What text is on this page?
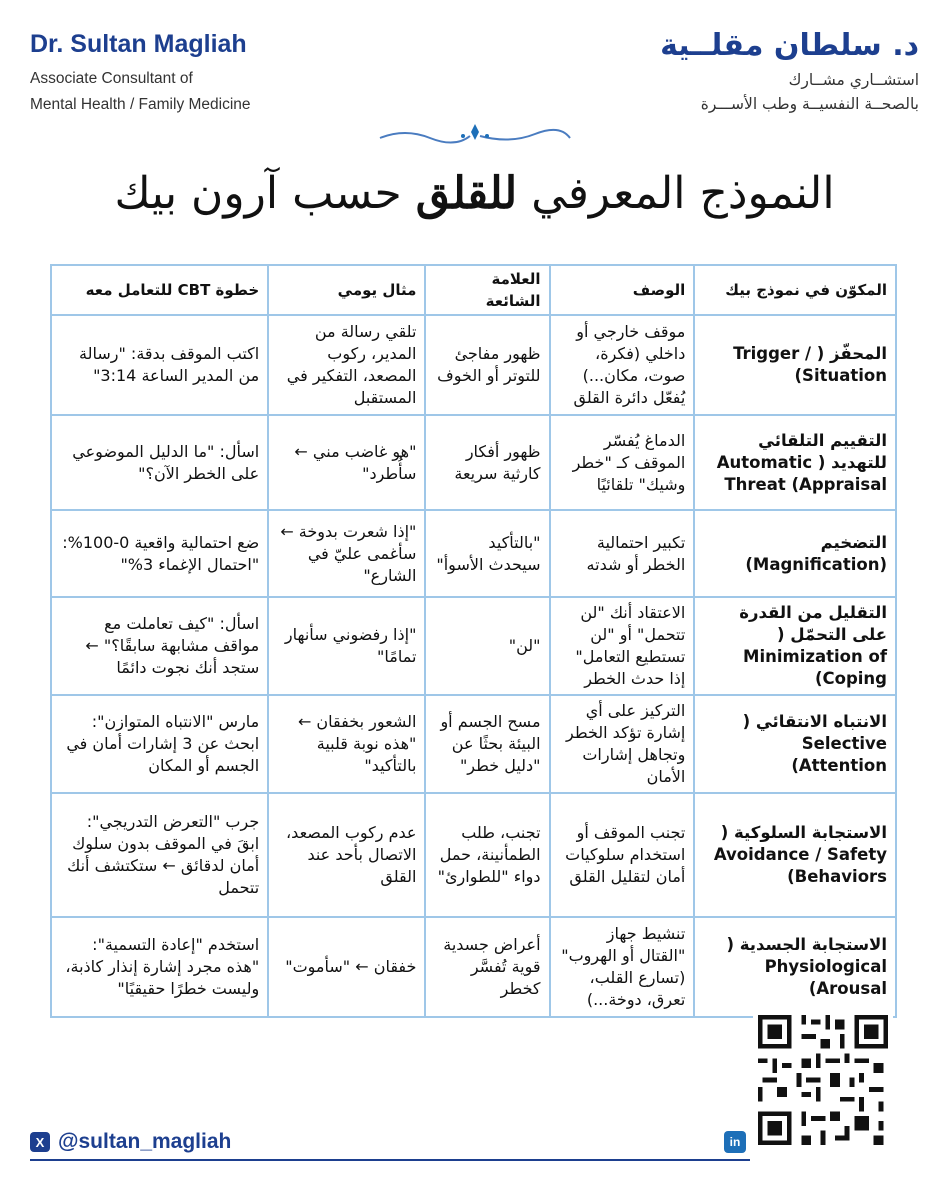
Dr. Sultan Magliah
Associate Consultant of
Mental Health / Family Medicine
د. سلطان مقلــية
استشــاري مشــارك
بالصحــة النفسيــة وطب الأســـرة
النموذج المعرفي للقلق حسب آرون بيك
المكوّن في نموذج بيك	الوصف	العلامة الشائعة	مثال يومي	خطوة CBT للتعامل معه
المحفّز ( / Trigger (Situation	موقف خارجي أو داخلي (فكرة، صوت، مكان...) يُفعّل دائرة القلق	ظهور مفاجئ للتوتر أو الخوف	تلقي رسالة من المدير، ركوب المصعد، التفكير في المستقبل	اكتب الموقف بدقة: "رسالة من المدير الساعة 3:14"
التقييم التلقائي للتهديد ( Automatic Threat (Appraisal	الدماغ يُفسّر الموقف كـ "خطر وشيك" تلقائيًا	ظهور أفكار كارثية سريعة	"هو غاضب مني ← سأُطرد"	اسأل: "ما الدليل الموضوعي على الخطر الآن؟"
التضخيم (Magnification)	تكبير احتمالية الخطر أو شدته	"بالتأكيد سيحدث الأسوأ"	"إذا شعرت بدوخة ← سأغمى عليّ في الشارع"	ضع احتمالية واقعية 0-100%: "احتمال الإغماء 3%"
التقليل من القدرة على التحمّل ( Minimization of (Coping	الاعتقاد أنك "لن تتحمل" أو "لن تستطيع التعامل" إذا حدث الخطر	"لن"	"إذا رفضوني سأنهار تمامًا"	اسأل: "كيف تعاملت مع مواقف مشابهة سابقًا؟" ← ستجد أنك نجوت دائمًا
الانتباه الانتقائي ( Selective (Attention	التركيز على أي إشارة تؤكد الخطر وتجاهل إشارات الأمان	مسح الجسم أو البيئة بحثًا عن "دليل خطر"	الشعور بخفقان ← "هذه نوبة قلبية بالتأكيد"	مارس "الانتباه المتوازن": ابحث عن 3 إشارات أمان في الجسم أو المكان
الاستجابة السلوكية ( Avoidance / Safety (Behaviors	تجنب الموقف أو استخدام سلوكيات أمان لتقليل القلق	تجنب، طلب الطمأنينة، حمل دواء "للطوارئ"	عدم ركوب المصعد، الاتصال بأحد عند القلق	جرب "التعرض التدريجي": ابقَ في الموقف بدون سلوك أمان لدقائق ← ستكتشف أنك تتحمل
الاستجابة الجسدية ( Physiological (Arousal	تنشيط جهاز "القتال أو الهروب" (تسارع القلب، تعرق، دوخة...)	أعراض جسدية قوية تُفسَّر كخطر	خفقان ← "سأموت"	استخدم "إعادة التسمية": "هذه مجرد إشارة إنذار كاذبة، وليست خطرًا حقيقيًا"
X @sultan_magliah	in
